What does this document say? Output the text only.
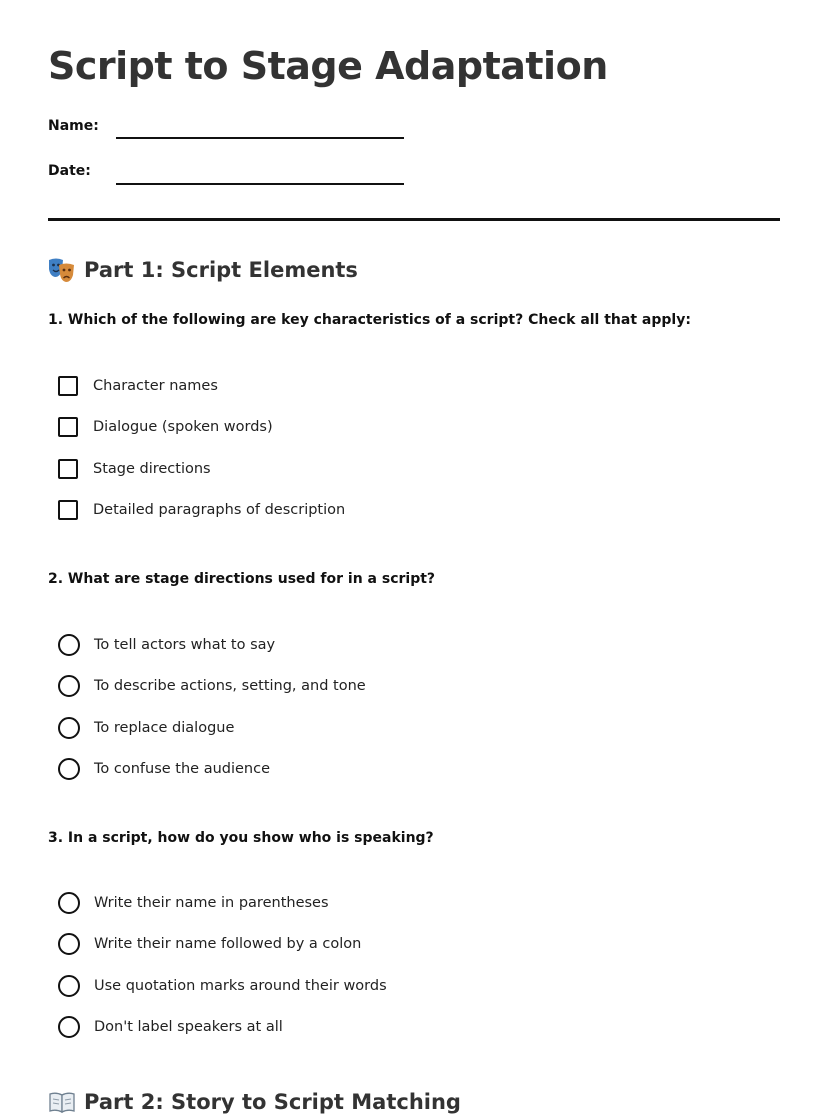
Script to Stage Adaptation
Name:
Date:
Part 1: Script Elements
1. Which of the following are key characteristics of a script? Check all that apply:
Character names
Dialogue (spoken words)
Stage directions
Detailed paragraphs of description
2. What are stage directions used for in a script?
To tell actors what to say
To describe actions, setting, and tone
To replace dialogue
To confuse the audience
3. In a script, how do you show who is speaking?
Write their name in parentheses
Write their name followed by a colon
Use quotation marks around their words
Don't label speakers at all
Part 2: Story to Script Matching
